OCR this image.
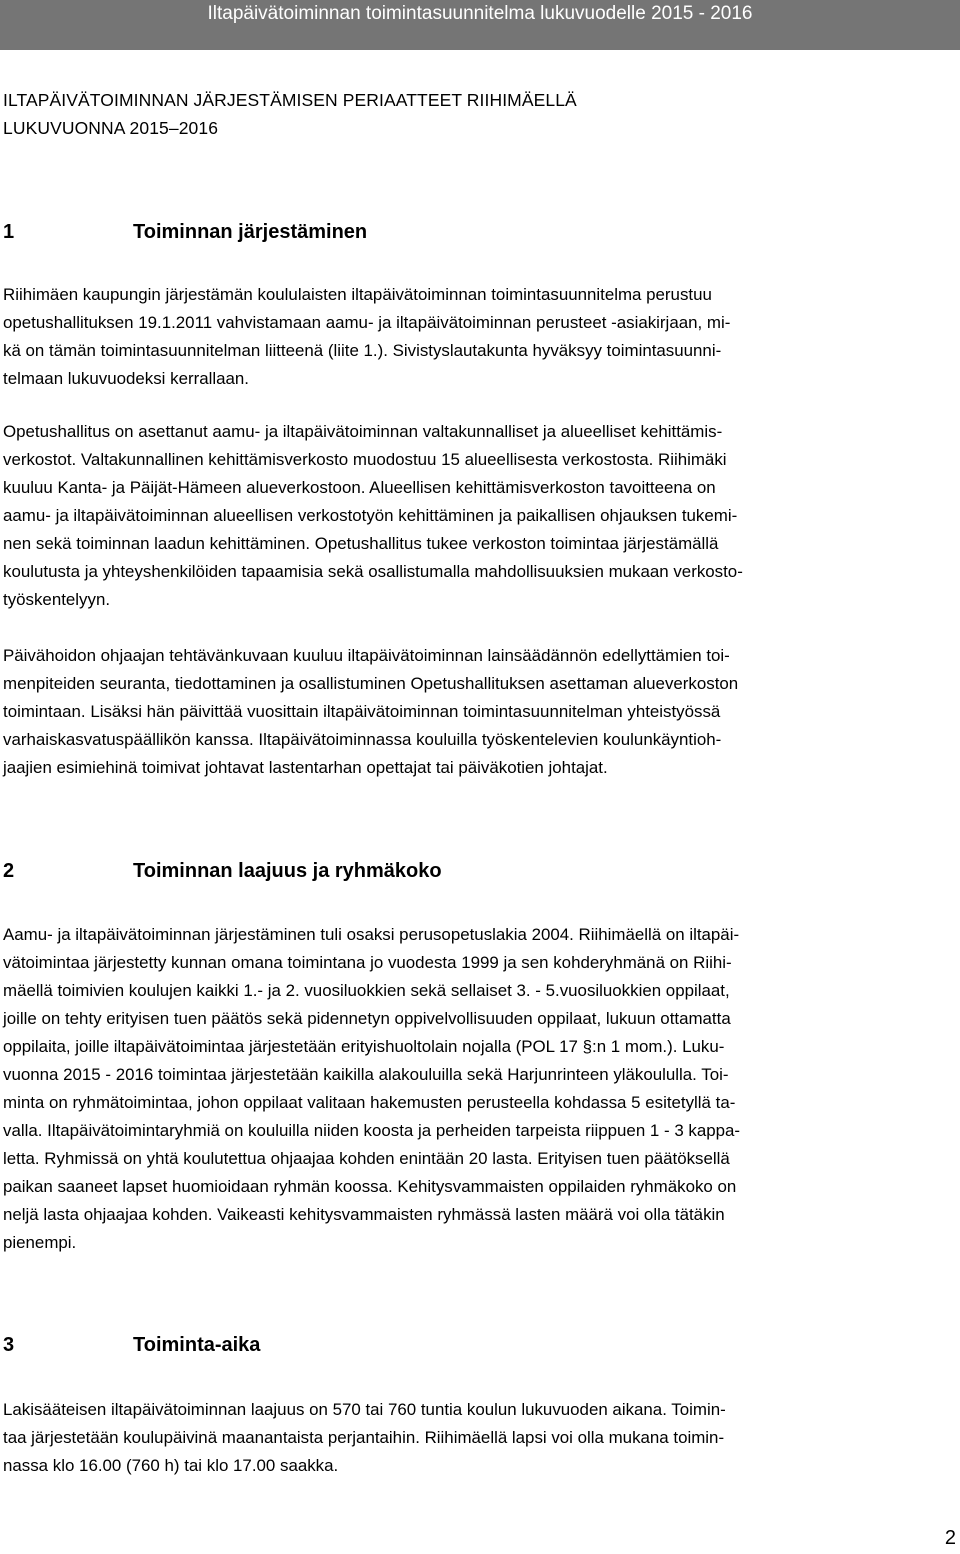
Iltapäivätoiminnan toimintasuunnitelma lukuvuodelle 2015 - 2016
ILTAPÄIVÄTOIMINNAN JÄRJESTÄMISEN PERIAATTEET RIIHIMÄELLÄ
LUKUVUONNA 2015–2016
1	Toiminnan järjestäminen
Riihimäen kaupungin järjestämän koululaisten iltapäivätoiminnan toimintasuunnitelma perustuu
opetushallituksen 19.1.2011 vahvistamaan aamu- ja iltapäivätoiminnan perusteet -asiakirjaan, mi-
kä on tämän toimintasuunnitelman liitteenä (liite 1.). Sivistyslautakunta hyväksyy toimintasuunni-
telmaan lukuvuodeksi kerrallaan.
Opetushallitus on asettanut aamu- ja iltapäivätoiminnan valtakunnalliset ja alueelliset kehittämis-
verkostot. Valtakunnallinen kehittämisverkosto muodostuu 15 alueellisesta verkostosta. Riihimäki
kuuluu Kanta- ja Päijät-Hämeen alueverkostoon. Alueellisen kehittämisverkoston tavoitteena on
aamu- ja iltapäivätoiminnan alueellisen verkostotyön kehittäminen ja paikallisen ohjauksen tukemi-
nen sekä toiminnan laadun kehittäminen. Opetushallitus tukee verkoston toimintaa järjestämällä
koulutusta ja yhteyshenkilöiden tapaamisia sekä osallistumalla mahdollisuuksien mukaan verkosto-
työskentelyyn.
Päivähoidon ohjaajan tehtävänkuvaan kuuluu iltapäivätoiminnan lainsäädännön edellyttämien toi-
menpiteiden seuranta, tiedottaminen ja osallistuminen Opetushallituksen asettaman alueverkoston
toimintaan. Lisäksi hän päivittää vuosittain iltapäivätoiminnan toimintasuunnitelman yhteistyössä
varhaiskasvatuspäällikön kanssa. Iltapäivätoiminnassa kouluilla työskentelevien koulunkäyntioh-
jaajien esimiehinä toimivat johtavat lastentarhan opettajat tai päiväkotien johtajat.
2	Toiminnan laajuus ja ryhmäkoko
Aamu- ja iltapäivätoiminnan järjestäminen tuli osaksi perusopetuslakia 2004. Riihimäellä on iltapäi-
vätoimintaa järjestetty kunnan omana toimintana jo vuodesta 1999 ja sen kohderyhmänä on Riihi-
mäellä toimivien koulujen kaikki 1.- ja 2. vuosiluokkien sekä sellaiset 3. - 5.vuosiluokkien oppilaat,
joille on tehty erityisen tuen päätös sekä pidennetyn oppivelvollisuuden oppilaat, lukuun ottamatta
oppilaita, joille iltapäivätoimintaa järjestetään erityishuoltolain nojalla (POL 17 §:n 1 mom.). Luku-
vuonna 2015 - 2016 toimintaa järjestetään kaikilla alakouluilla sekä Harjunrinteen yläkoululla. Toi-
minta on ryhmätoimintaa, johon oppilaat valitaan hakemusten perusteella kohdassa 5 esitetyllä ta-
valla. Iltapäivätoimintaryhmiä on kouluilla niiden koosta ja perheiden tarpeista riippuen 1 - 3 kappa-
letta. Ryhmissä on yhtä koulutettua ohjaajaa kohden enintään 20 lasta. Erityisen tuen päätöksellä
paikan saaneet lapset huomioidaan ryhmän koossa. Kehitysvammaisten oppilaiden ryhmäkoko on
neljä lasta ohjaajaa kohden. Vaikeasti kehitysvammaisten ryhmässä lasten määrä voi olla tätäkin
pienempi.
3	Toiminta-aika
Lakisääteisen iltapäivätoiminnan laajuus on 570 tai 760 tuntia koulun lukuvuoden aikana. Toimin-
taa järjestetään koulupäivinä maanantaista perjantaihin. Riihimäellä lapsi voi olla mukana toimin-
nassa klo 16.00 (760 h) tai klo 17.00 saakka.
2
